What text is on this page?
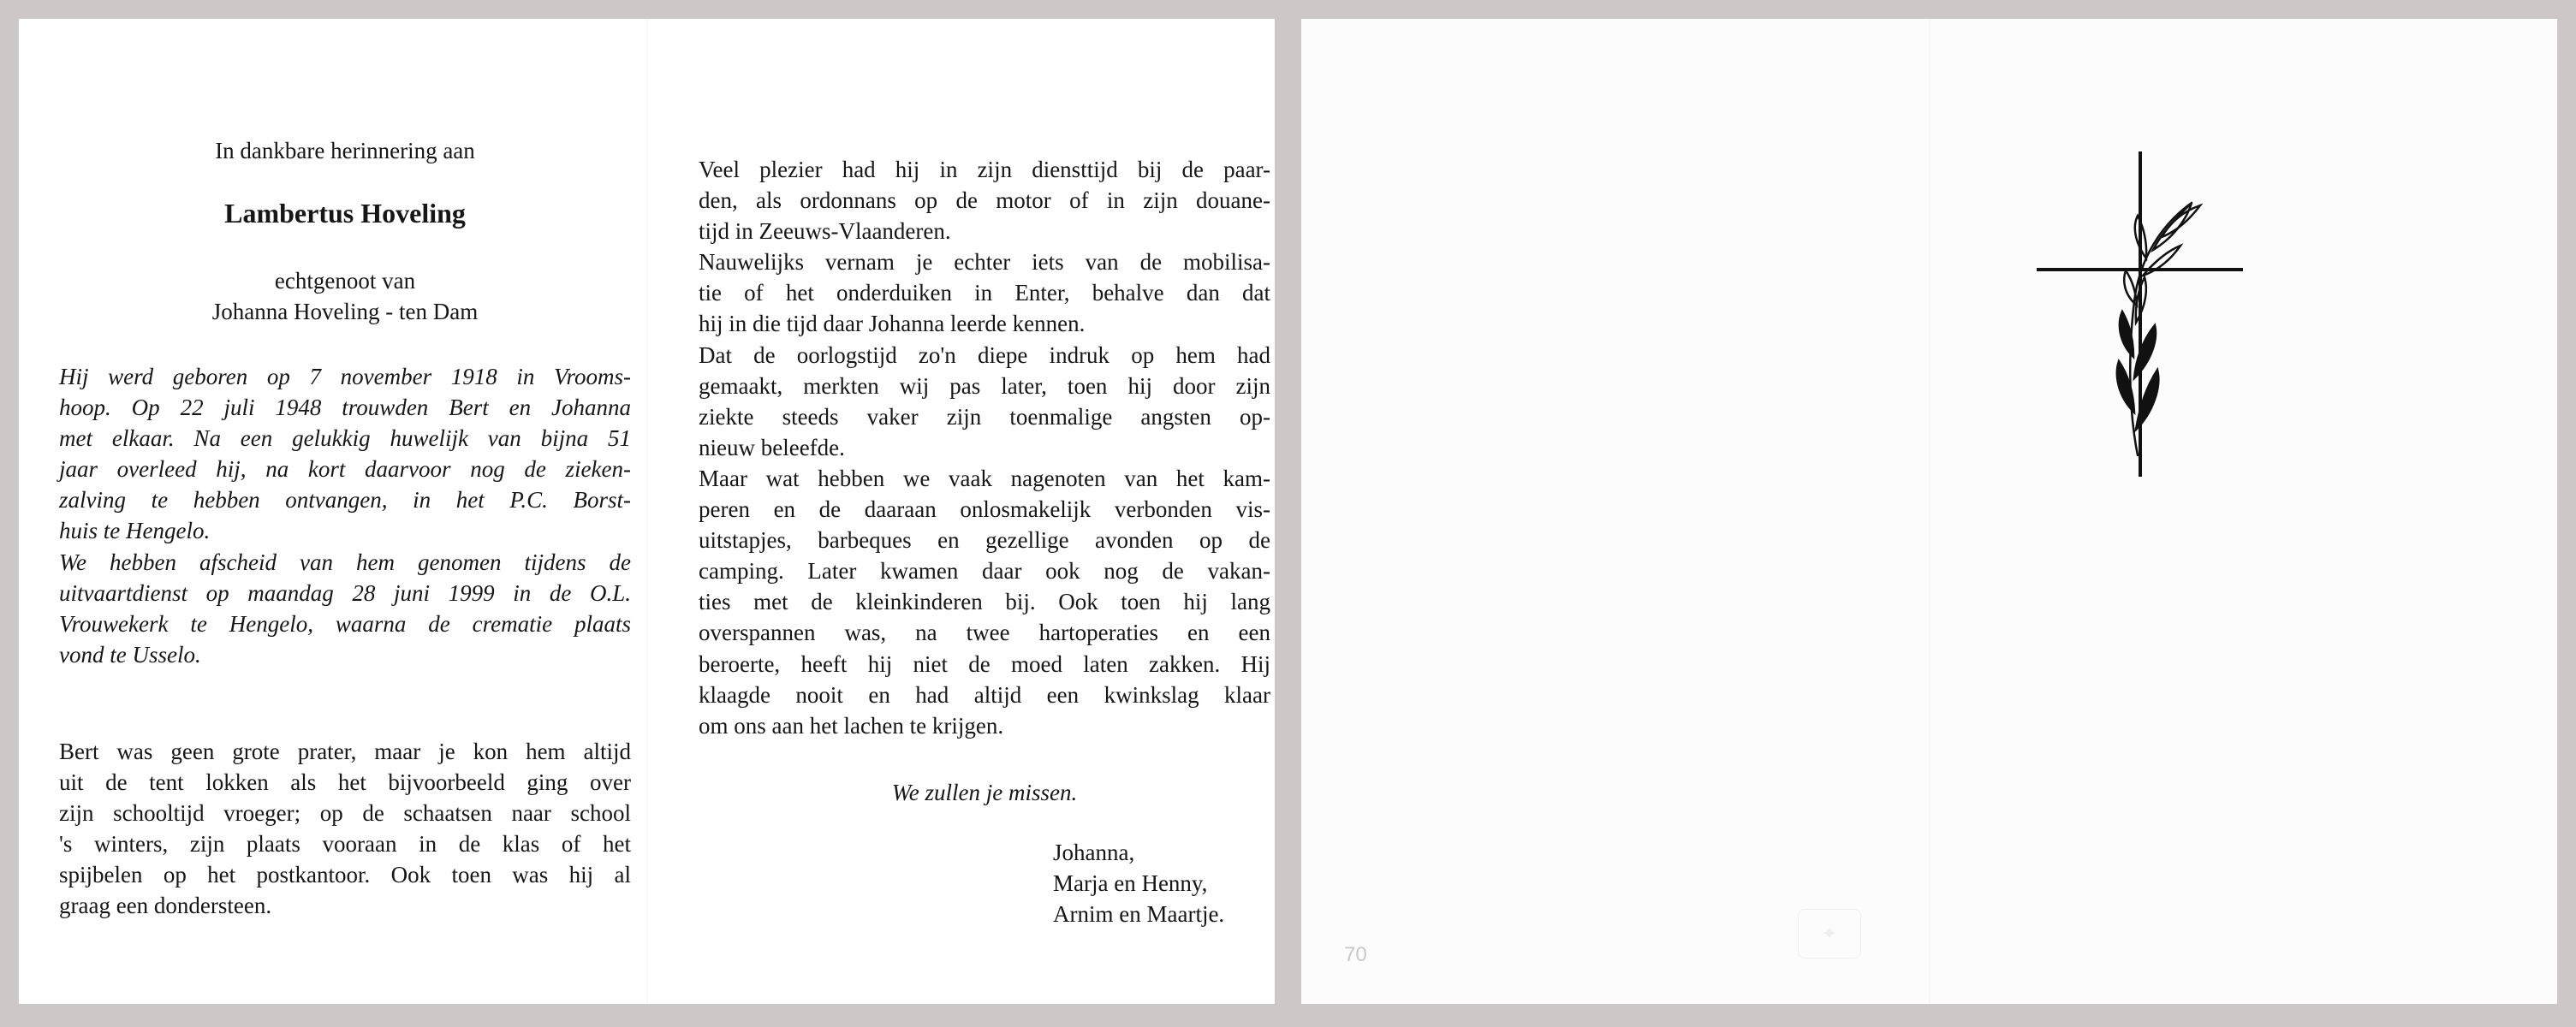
In dankbare herinnering aan
Lambertus Hoveling
echtgenoot van
Johanna Hoveling - ten Dam
Hij werd geboren op 7 november 1918 in Vrooms-
hoop. Op 22 juli 1948 trouwden Bert en Johanna
met elkaar. Na een gelukkig huwelijk van bijna 51
jaar overleed hij, na kort daarvoor nog de zieken-
zalving te hebben ontvangen, in het P.C. Borst-
huis te Hengelo.
We hebben afscheid van hem genomen tijdens de
uitvaartdienst op maandag 28 juni 1999 in de O.L.
Vrouwekerk te Hengelo, waarna de crematie plaats
vond te Usselo.
Bert was geen grote prater, maar je kon hem altijd
uit de tent lokken als het bijvoorbeeld ging over
zijn schooltijd vroeger; op de schaatsen naar school
's winters, zijn plaats vooraan in de klas of het
spijbelen op het postkantoor. Ook toen was hij al
graag een dondersteen.
Veel plezier had hij in zijn diensttijd bij de paar-
den, als ordonnans op de motor of in zijn douane-
tijd in Zeeuws-Vlaanderen.
Nauwelijks vernam je echter iets van de mobilisa-
tie of het onderduiken in Enter, behalve dan dat
hij in die tijd daar Johanna leerde kennen.
Dat de oorlogstijd zo'n diepe indruk op hem had
gemaakt, merkten wij pas later, toen hij door zijn
ziekte steeds vaker zijn toenmalige angsten op-
nieuw beleefde.
Maar wat hebben we vaak nagenoten van het kam-
peren en de daaraan onlosmakelijk verbonden vis-
uitstapjes, barbeques en gezellige avonden op de
camping. Later kwamen daar ook nog de vakan-
ties met de kleinkinderen bij. Ook toen hij lang
overspannen was, na twee hartoperaties en een
beroerte, heeft hij niet de moed laten zakken. Hij
klaagde nooit en had altijd een kwinkslag klaar
om ons aan het lachen te krijgen.
We zullen je missen.
Johanna,
Marja en Henny,
Arnim en Maartje.
70
✦
